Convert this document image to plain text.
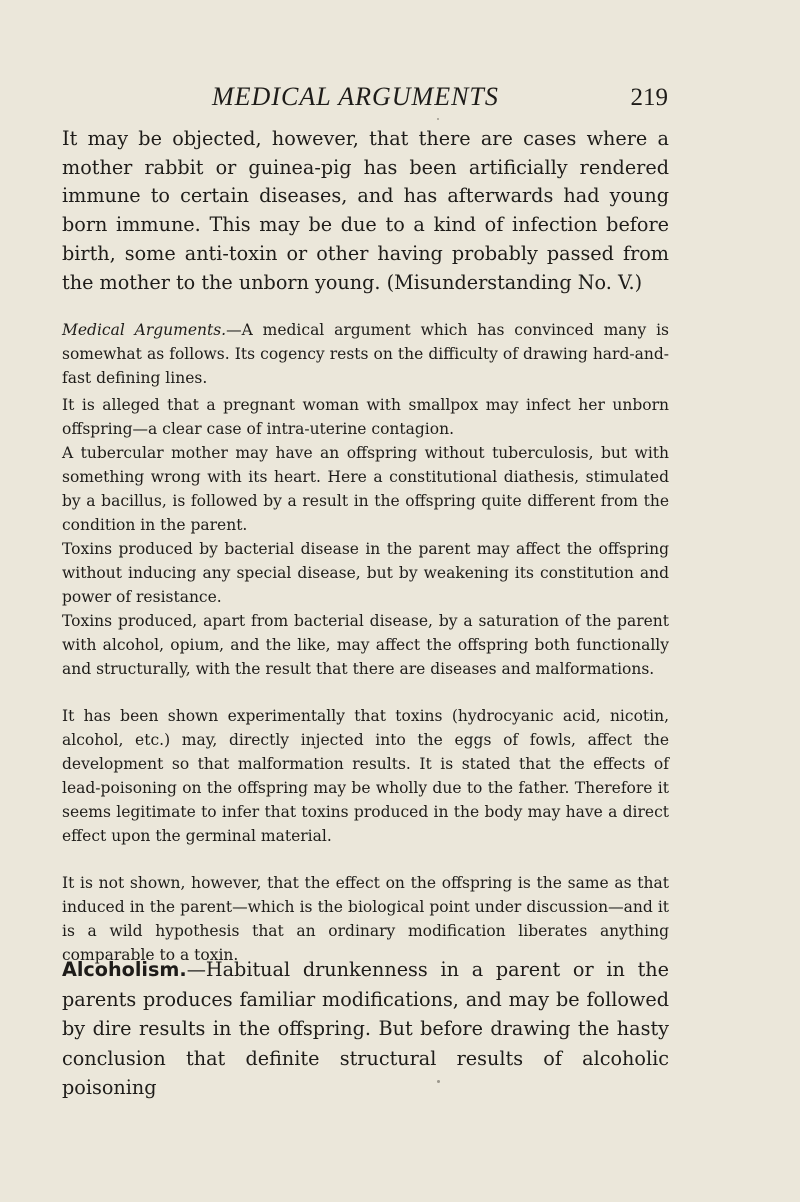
MEDICAL ARGUMENTS	219

It may be objected, however, that there are cases where a mother rabbit or guinea-pig has been artificially rendered immune to certain diseases, and has afterwards had young born immune. This may be due to a kind of infection before birth, some anti-toxin or other having probably passed from the mother to the unborn young. (Misunderstanding No. V.)

Medical Arguments.—A medical argument which has convinced many is somewhat as follows. Its cogency rests on the difficulty of drawing hard-and-fast defining lines.

It is alleged that a pregnant woman with smallpox may infect her unborn offspring—a clear case of intra-uterine contagion.

A tubercular mother may have an offspring without tuberculosis, but with something wrong with its heart. Here a constitutional diathesis, stimulated by a bacillus, is followed by a result in the offspring quite different from the condition in the parent.

Toxins produced by bacterial disease in the parent may affect the offspring without inducing any special disease, but by weakening its constitution and power of resistance.

Toxins produced, apart from bacterial disease, by a saturation of the parent with alcohol, opium, and the like, may affect the offspring both functionally and structurally, with the result that there are diseases and malformations.

It has been shown experimentally that toxins (hydrocyanic acid, nicotin, alcohol, etc.) may, directly injected into the eggs of fowls, affect the development so that malformation results. It is stated that the effects of lead-poisoning on the offspring may be wholly due to the father. Therefore it seems legitimate to infer that toxins produced in the body may have a direct effect upon the germinal material.

It is not shown, however, that the effect on the offspring is the same as that induced in the parent—which is the biological point under discussion—and it is a wild hypothesis that an ordinary modification liberates anything comparable to a toxin.

Alcoholism.—Habitual drunkenness in a parent or in the parents produces familiar modifications, and may be followed by dire results in the offspring. But before drawing the hasty conclusion that definite structural results of alcoholic poisoning
